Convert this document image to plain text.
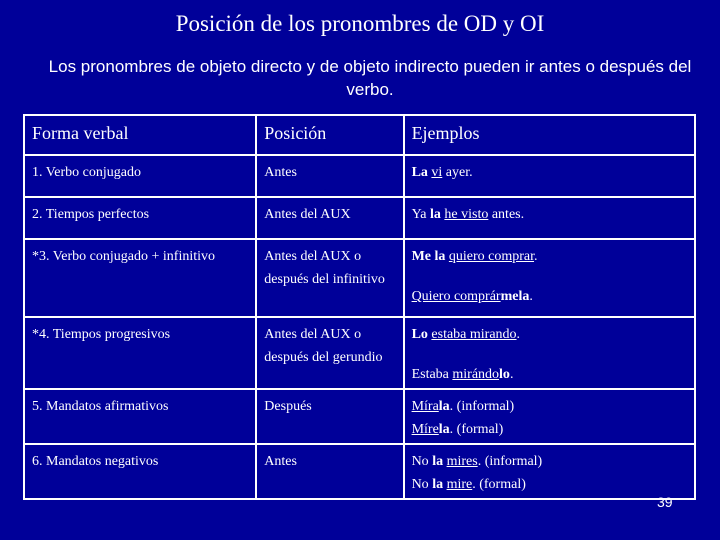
Posición de los pronombres de OD y OI
Los pronombres de objeto directo y de objeto indirecto pueden ir antes o después del verbo.
Forma verbal	Posición	Ejemplos
1. Verbo conjugado	Antes	La vi ayer.
2. Tiempos perfectos	Antes del AUX	Ya la he visto antes.
*3. Verbo conjugado + infinitivo	Antes del AUX o después del infinitivo	Me la quiero comprar.
Quiero comprármela.

*4. Tiempos progresivos	Antes del AUX o después del gerundio	Lo estaba mirando.
Estaba mirándolo.

5. Mandatos afirmativos	Después	Mírala. (informal)
Mírela. (formal)

6. Mandatos negativos	Antes	No la mires. (informal)
No la mire. (formal)
39
